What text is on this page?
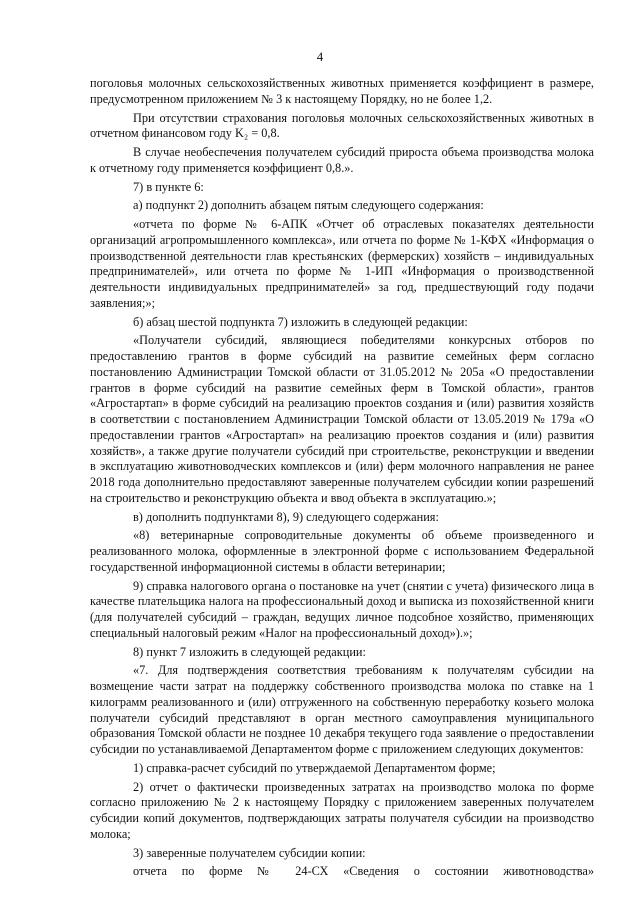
4

поголовья молочных сельскохозяйственных животных применяется коэффициент в размере, предусмотренном приложением № 3 к настоящему Порядку, но не более 1,2.

При отсутствии страхования поголовья молочных сельскохозяйственных животных в отчетном финансовом году K₂ = 0,8.

В случае необеспечения получателем субсидий прироста объема производства молока к отчетному году применяется коэффициент 0,8.».

7) в пункте 6:

а) подпункт 2) дополнить абзацем пятым следующего содержания:

«отчета по форме № 6-АПК «Отчет об отраслевых показателях деятельности организаций агропромышленного комплекса», или отчета по форме № 1-КФХ «Информация о производственной деятельности глав крестьянских (фермерских) хозяйств – индивидуальных предпринимателей», или отчета по форме № 1-ИП «Информация о производственной деятельности индивидуальных предпринимателей» за год, предшествующий году подачи заявления;»;

б) абзац шестой подпункта 7) изложить в следующей редакции:

«Получатели субсидий, являющиеся победителями конкурсных отборов по предоставлению грантов в форме субсидий на развитие семейных ферм согласно постановлению Администрации Томской области от 31.05.2012 № 205а «О предоставлении грантов в форме субсидий на развитие семейных ферм в Томской области», грантов «Агростартап» в форме субсидий на реализацию проектов создания и (или) развития хозяйств в соответствии с постановлением Администрации Томской области от 13.05.2019 № 179а «О предоставлении грантов «Агростартап» на реализацию проектов создания и (или) развития хозяйств», а также другие получатели субсидий при строительстве, реконструкции и введении в эксплуатацию животноводческих комплексов и (или) ферм молочного направления не ранее 2018 года дополнительно предоставляют заверенные получателем субсидии копии разрешений на строительство и реконструкцию объекта и ввод объекта в эксплуатацию.»;

в) дополнить подпунктами 8), 9) следующего содержания:

«8) ветеринарные сопроводительные документы об объеме произведенного и реализованного молока, оформленные в электронной форме с использованием Федеральной государственной информационной системы в области ветеринарии;

9) справка налогового органа о постановке на учет (снятии с учета) физического лица в качестве плательщика налога на профессиональный доход и выписка из похозяйственной книги (для получателей субсидий – граждан, ведущих личное подсобное хозяйство, применяющих специальный налоговый режим «Налог на профессиональный доход»).»;

8) пункт 7 изложить в следующей редакции:

«7. Для подтверждения соответствия требованиям к получателям субсидии на возмещение части затрат на поддержку собственного производства молока по ставке на 1 килограмм реализованного и (или) отгруженного на собственную переработку козьего молока получатели субсидий представляют в орган местного самоуправления муниципального образования Томской области не позднее 10 декабря текущего года заявление о предоставлении субсидии по устанавливаемой Департаментом форме с приложением следующих документов:

1) справка-расчет субсидий по утверждаемой Департаментом форме;

2) отчет о фактически произведенных затратах на производство молока по форме согласно приложению № 2 к настоящему Порядку с приложением заверенных получателем субсидии копий документов, подтверждающих затраты получателя субсидии на производство молока;

3) заверенные получателем субсидии копии:

отчета по форме № 24-СХ «Сведения о состоянии животноводства»
